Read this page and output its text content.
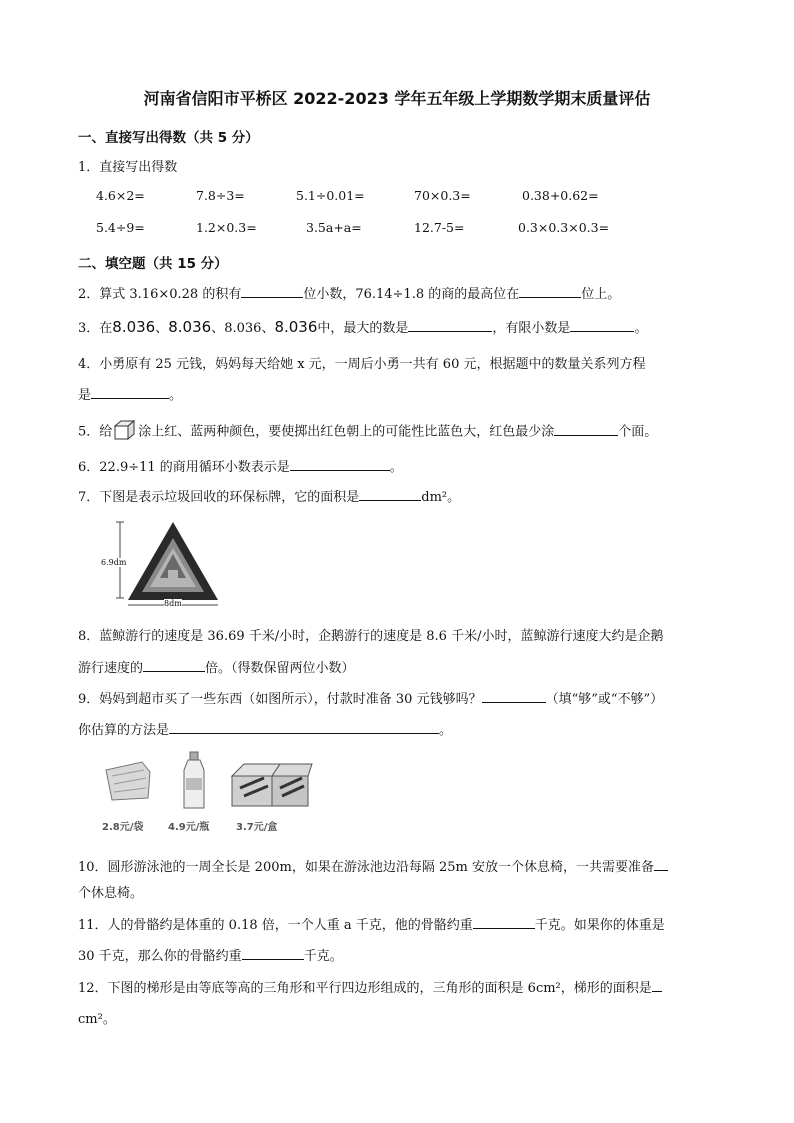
河南省信阳市平桥区 2022-2023 学年五年级上学期数学期末质量评估
一、直接写出得数（共 5 分）
1．直接写出得数
4.6×2=	7.8÷3=	5.1÷0.01=	70×0.3=	0.38+0.62=
5.4÷9=	1.2×0.3=	3.5a+a=	12.7-5=	0.3×0.3×0.3=
二、填空题（共 15 分）
2．算式 3.16×0.28 的积有	位小数，76.14÷1.8 的商的最高位在	位上。
3．在8.036、8.036、8.036、8.036中，最大的数是	，有限小数是	。
4．小勇原有 25 元钱，妈妈每天给她 x 元，一周后小勇一共有 60 元，根据题中的数量关系列方程
是	。
5．给 涂上红、蓝两种颜色，要使掷出红色朝上的可能性比蓝色大，红色最少涂	个面。
6．22.9÷11 的商用循环小数表示是	。
7．下图是表示垃圾回收的环保标牌，它的面积是	dm²。
6.9dm
8dm
8．蓝鲸游行的速度是 36.69 千米/小时，企鹅游行的速度是 8.6 千米/小时，蓝鲸游行速度大约是企鹅
游行速度的	倍。（得数保留两位小数）
9．妈妈到超市买了一些东西（如图所示），付款时准备 30 元钱够吗？	（填“够”或“不够”）
你估算的方法是	。
2.8元/袋 4.9元/瓶	3.7元/盒
10．圆形游泳池的一周全长是 200m，如果在游泳池边沿每隔 25m 安放一个休息椅，一共需要准备
个休息椅。
11．人的骨骼约是体重的 0.18 倍，一个人重 a 千克，他的骨骼约重	千克。如果你的体重是
30 千克，那么你的骨骼约重	千克。
12．下图的梯形是由等底等高的三角形和平行四边形组成的，三角形的面积是 6cm²，梯形的面积是
cm²。
